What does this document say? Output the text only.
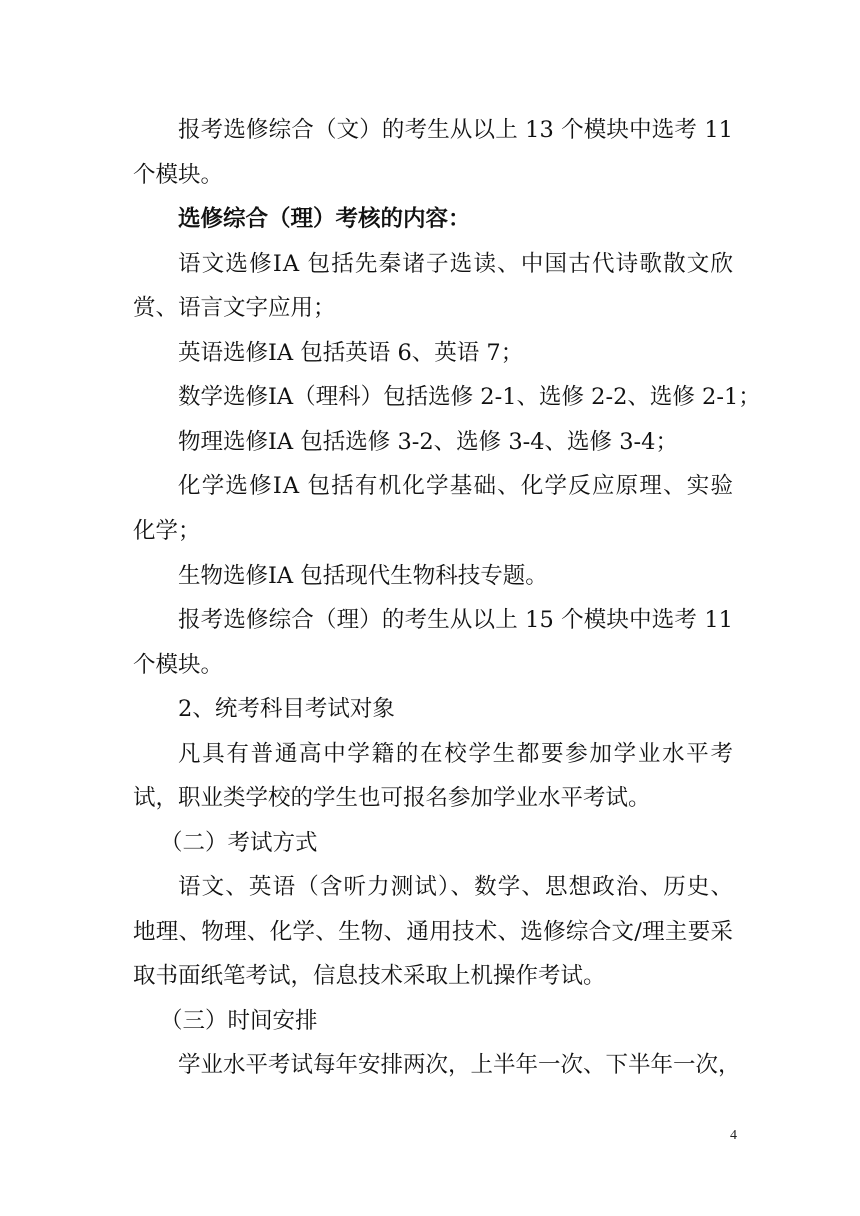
报考选修综合（文）的考生从以上 13 个模块中选考 11
个模块。
选修综合（理）考核的内容：
语文选修ⅠA 包括先秦诸子选读、中国古代诗歌散文欣
赏、语言文字应用；
英语选修ⅠA 包括英语 6、英语 7；
数学选修ⅠA（理科）包括选修 2-1、选修 2-2、选修 2-1；
物理选修ⅠA 包括选修 3-2、选修 3-4、选修 3-4；
化学选修ⅠA 包括有机化学基础、化学反应原理、实验
化学；
生物选修ⅠA 包括现代生物科技专题。
报考选修综合（理）的考生从以上 15 个模块中选考 11
个模块。
2、统考科目考试对象
凡具有普通高中学籍的在校学生都要参加学业水平考
试，职业类学校的学生也可报名参加学业水平考试。
（二）考试方式
语文、英语（含听力测试）、数学、思想政治、历史、
地理、物理、化学、生物、通用技术、选修综合文/理主要采
取书面纸笔考试，信息技术采取上机操作考试。
（三）时间安排
学业水平考试每年安排两次，上半年一次、下半年一次，
4
